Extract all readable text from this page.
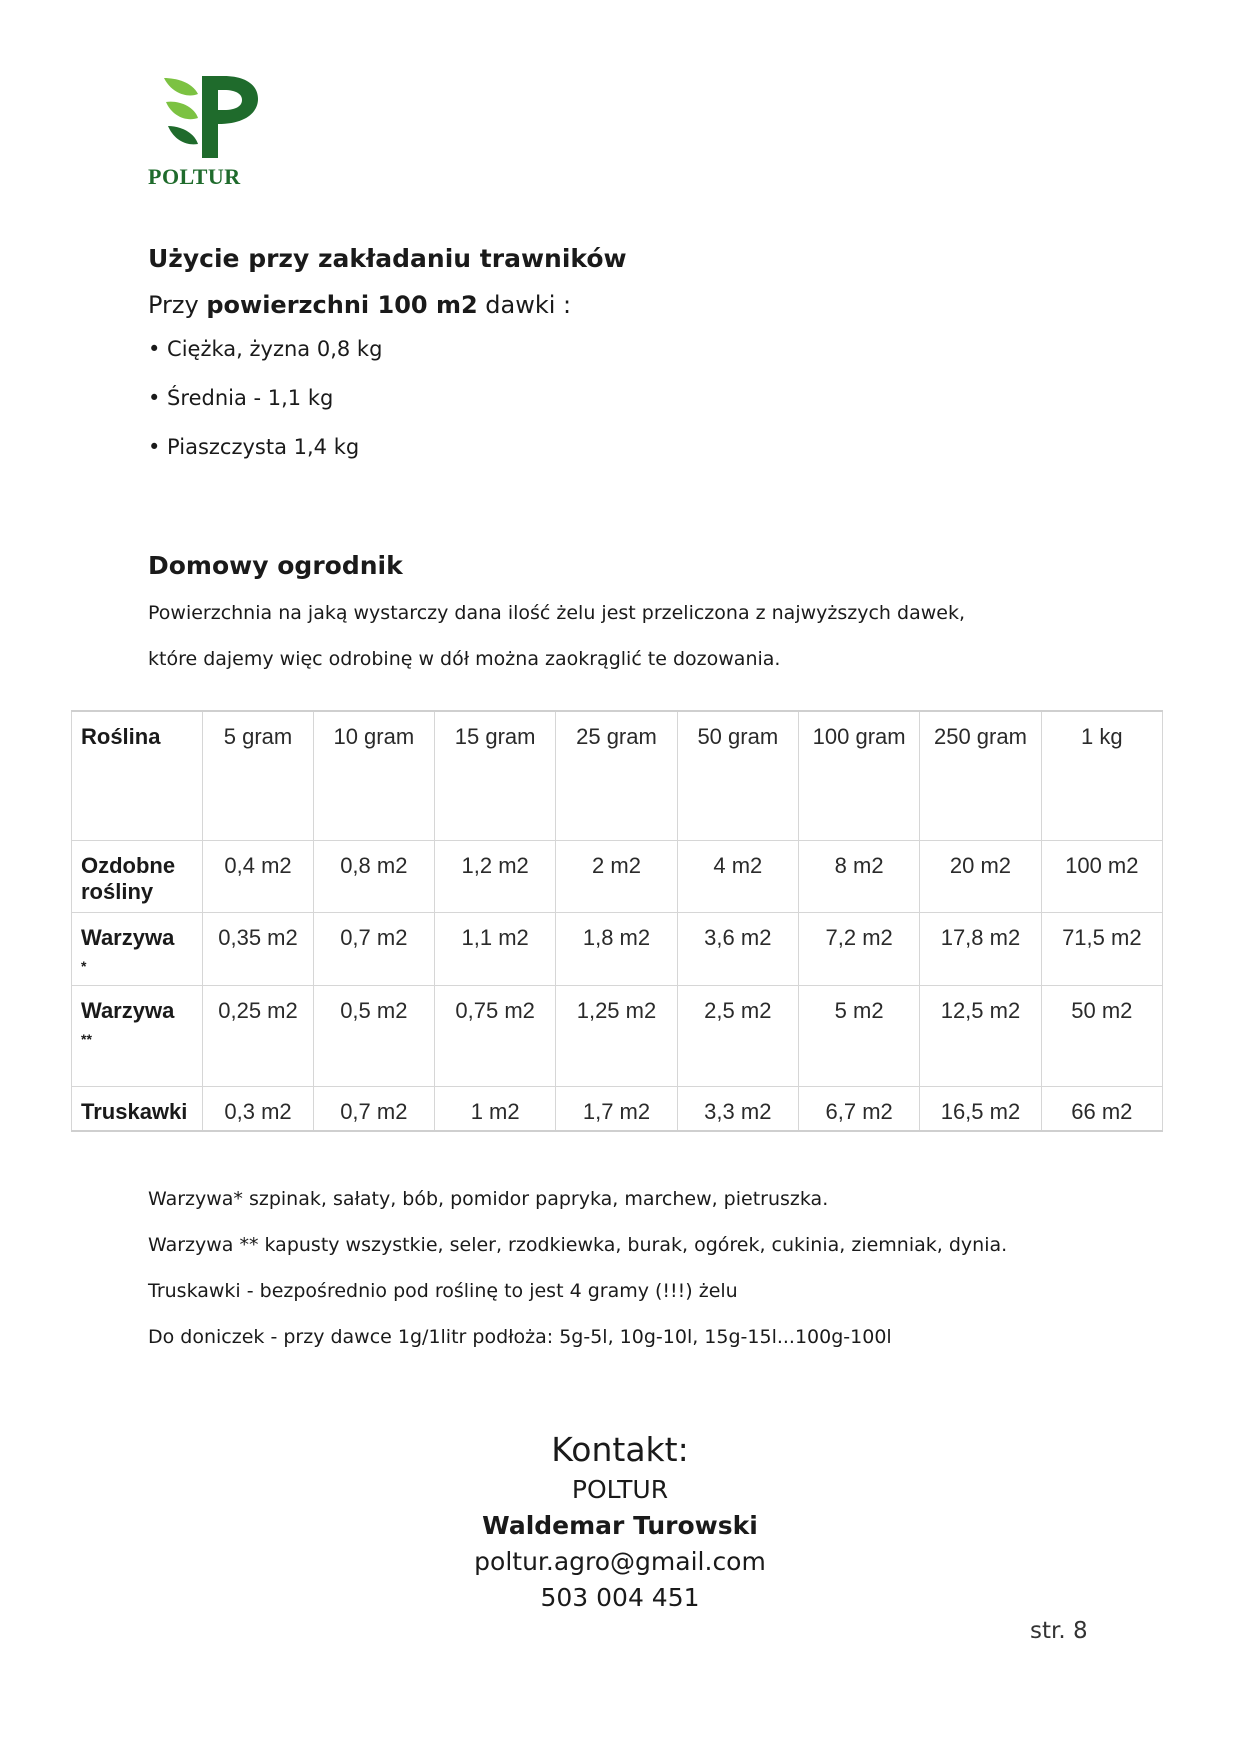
POLTUR
Użycie przy zakładaniu trawników

Przy powierzchni 100 m2 dawki :

• Ciężka, żyzna 0,8 kg
• Średnia - 1,1 kg
• Piaszczysta 1,4 kg
Domowy ogrodnik

Powierzchnia na jaką wystarczy dana ilość żelu jest przeliczona z najwyższych dawek,

które dajemy więc odrobinę w dół można zaokrąglić te dozowania.

Roślina	5 gram	10 gram	15 gram	25 gram	50 gram	100 gram	250 gram	1 kg
Ozdobne
rośliny	0,4 m2	0,8 m2	1,2 m2	2 m2	4 m2	8 m2	20 m2	100 m2
Warzywa
*	0,35 m2	0,7 m2	1,1 m2	1,8 m2	3,6 m2	7,2 m2	17,8 m2	71,5 m2
Warzywa
**	0,25 m2	0,5 m2	0,75 m2	1,25 m2	2,5 m2	5 m2	12,5 m2	50 m2
Truskawki	0,3 m2	0,7 m2	1 m2	1,7 m2	3,3 m2	6,7 m2	16,5 m2	66 m2

Warzywa* szpinak, sałaty, bób, pomidor papryka, marchew, pietruszka.

Warzywa ** kapusty wszystkie, seler, rzodkiewka, burak, ogórek, cukinia, ziemniak, dynia.

Truskawki - bezpośrednio pod roślinę to jest 4 gramy (!!!) żelu

Do doniczek - przy dawce 1g/1litr podłoża: 5g-5l, 10g-10l, 15g-15l...100g-100l

Kontakt:
POLTUR
Waldemar Turowski
poltur.agro@gmail.com
503 004 451
str. 8
